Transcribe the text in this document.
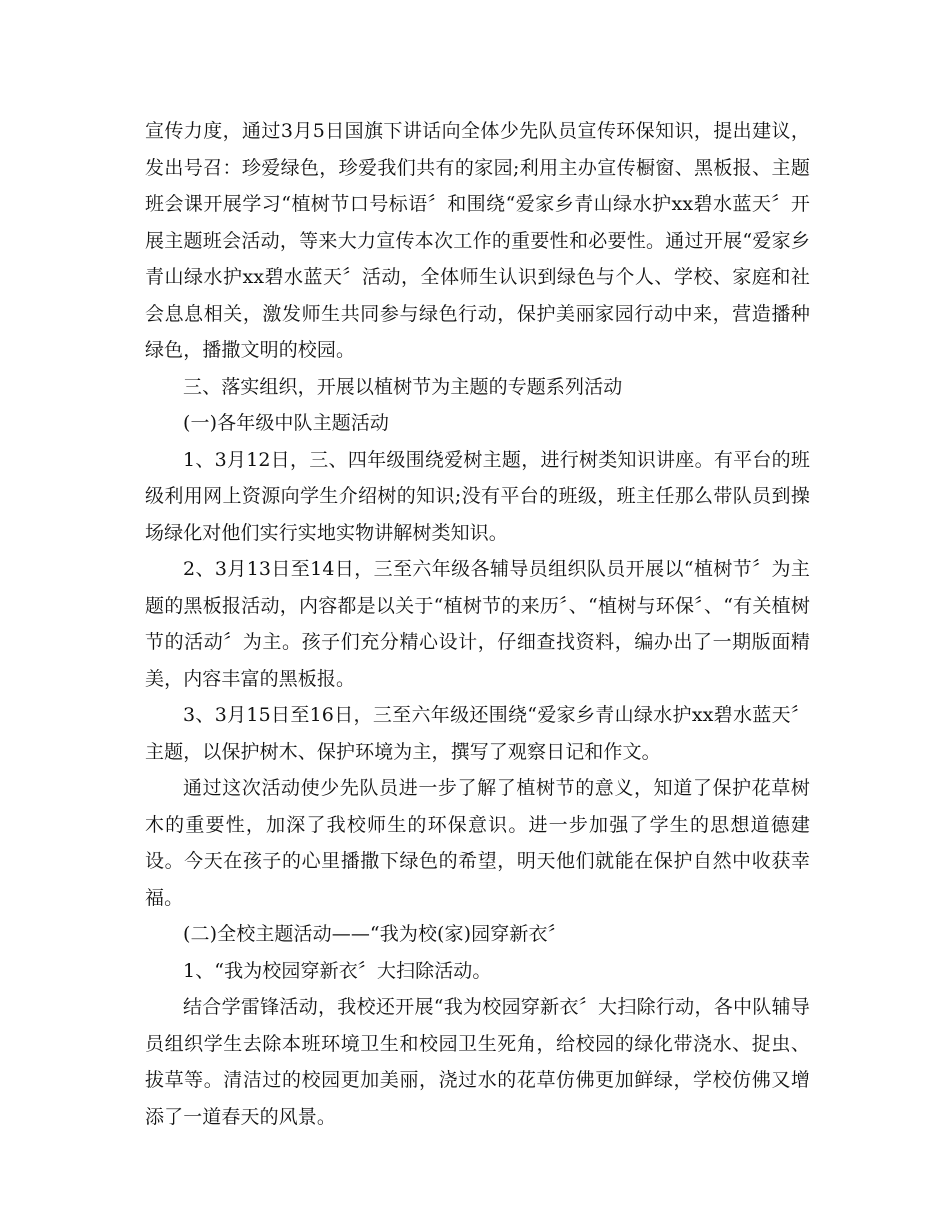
宣传力度，通过3月5日国旗下讲话向全体少先队员宣传环保知识，提出建议，发出号召：珍爱绿色，珍爱我们共有的家园;利用主办宣传橱窗、黑板报、主题班会课开展学习“植树节口号标语〞和围绕“爱家乡青山绿水护xx碧水蓝天〞开展主题班会活动，等来大力宣传本次工作的重要性和必要性。通过开展“爱家乡青山绿水护xx碧水蓝天〞活动，全体师生认识到绿色与个人、学校、家庭和社会息息相关，激发师生共同参与绿色行动，保护美丽家园行动中来，营造播种绿色，播撒文明的校园。

三、落实组织，开展以植树节为主题的专题系列活动

(一)各年级中队主题活动

1、3月12日，三、四年级围绕爱树主题，进行树类知识讲座。有平台的班级利用网上资源向学生介绍树的知识;没有平台的班级，班主任那么带队员到操场绿化对他们实行实地实物讲解树类知识。

2、3月13日至14日，三至六年级各辅导员组织队员开展以“植树节〞为主题的黑板报活动，内容都是以关于“植树节的来历〞、“植树与环保〞、“有关植树节的活动〞为主。孩子们充分精心设计，仔细查找资料，编办出了一期版面精美，内容丰富的黑板报。

3、3月15日至16日，三至六年级还围绕“爱家乡青山绿水护xx碧水蓝天〞主题，以保护树木、保护环境为主，撰写了观察日记和作文。

通过这次活动使少先队员进一步了解了植树节的意义，知道了保护花草树木的重要性，加深了我校师生的环保意识。进一步加强了学生的思想道德建设。今天在孩子的心里播撒下绿色的希望，明天他们就能在保护自然中收获幸福。

(二)全校主题活动——“我为校(家)园穿新衣〞

1、“我为校园穿新衣〞大扫除活动。

结合学雷锋活动，我校还开展“我为校园穿新衣〞大扫除行动，各中队辅导员组织学生去除本班环境卫生和校园卫生死角，给校园的绿化带浇水、捉虫、拔草等。清洁过的校园更加美丽，浇过水的花草仿佛更加鲜绿，学校仿佛又增添了一道春天的风景。
